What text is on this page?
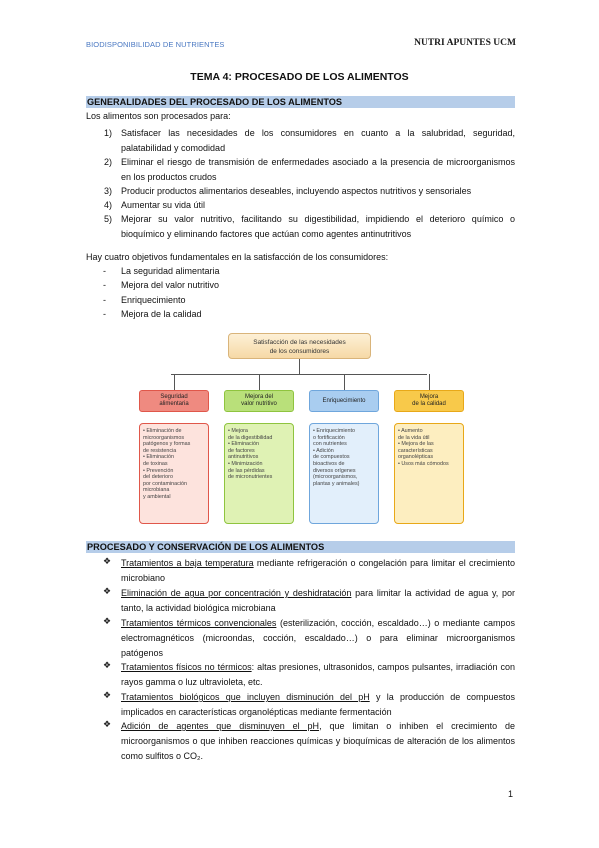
BIODISPONIBILIDAD DE NUTRIENTES	NUTRI APUNTES UCM
TEMA 4: PROCESADO DE LOS ALIMENTOS
GENERALIDADES DEL PROCESADO DE LOS ALIMENTOS
Los alimentos son procesados para:
1) Satisfacer las necesidades de los consumidores en cuanto a la salubridad, seguridad, palatabilidad y comodidad
2) Eliminar el riesgo de transmisión de enfermedades asociado a la presencia de microorganismos en los productos crudos
3) Producir productos alimentarios deseables, incluyendo aspectos nutritivos y sensoriales
4) Aumentar su vida útil
5) Mejorar su valor nutritivo, facilitando su digestibilidad, impidiendo el deterioro químico o bioquímico y eliminando factores que actúan como agentes antinutritivos
Hay cuatro objetivos fundamentales en la satisfacción de los consumidores:
- La seguridad alimentaria
- Mejora del valor nutritivo
- Enriquecimiento
- Mejora de la calidad
Satisfacción de las necesidades
de los consumidores
Seguridad
alimentaria
• Eliminación de
microorganismos
patógenos y formas
de resistencia
• Eliminación
de toxinas
• Prevención
del deterioro
por contaminación
microbiana
y ambiental
Mejora del
valor nutritivo
• Mejora
de la digestibilidad
• Eliminación
de factores
antinutritivos
• Minimización
de las pérdidas
de micronutrientes
Enriquecimiento
• Enriquecimiento
o fortificación
con nutrientes
• Adición
de compuestos
bioactivos de
diversos orígenes
(microorganismos,
plantas y animales)
Mejora
de la calidad
• Aumento
de la vida útil
• Mejora de las
características
organolépticas
• Usos más cómodos
PROCESADO Y CONSERVACIÓN DE LOS ALIMENTOS
❖ Tratamientos a baja temperatura mediante refrigeración o congelación para limitar el crecimiento microbiano
❖ Eliminación de agua por concentración y deshidratación para limitar la actividad de agua y, por tanto, la actividad biológica microbiana
❖ Tratamientos térmicos convencionales (esterilización, cocción, escaldado…) o mediante campos electromagnéticos (microondas, cocción, escaldado…) o para eliminar microorganismos patógenos
❖ Tratamientos físicos no térmicos: altas presiones, ultrasonidos, campos pulsantes, irradiación con rayos gamma o luz ultravioleta, etc.
❖ Tratamientos biológicos que incluyen disminución del pH y la producción de compuestos implicados en características organolépticas mediante fermentación
❖ Adición de agentes que disminuyen el pH, que limitan o inhiben el crecimiento de microorganismos o que inhiben reacciones químicas y bioquímicas de alteración de los alimentos como sulfitos o CO₂.
1
